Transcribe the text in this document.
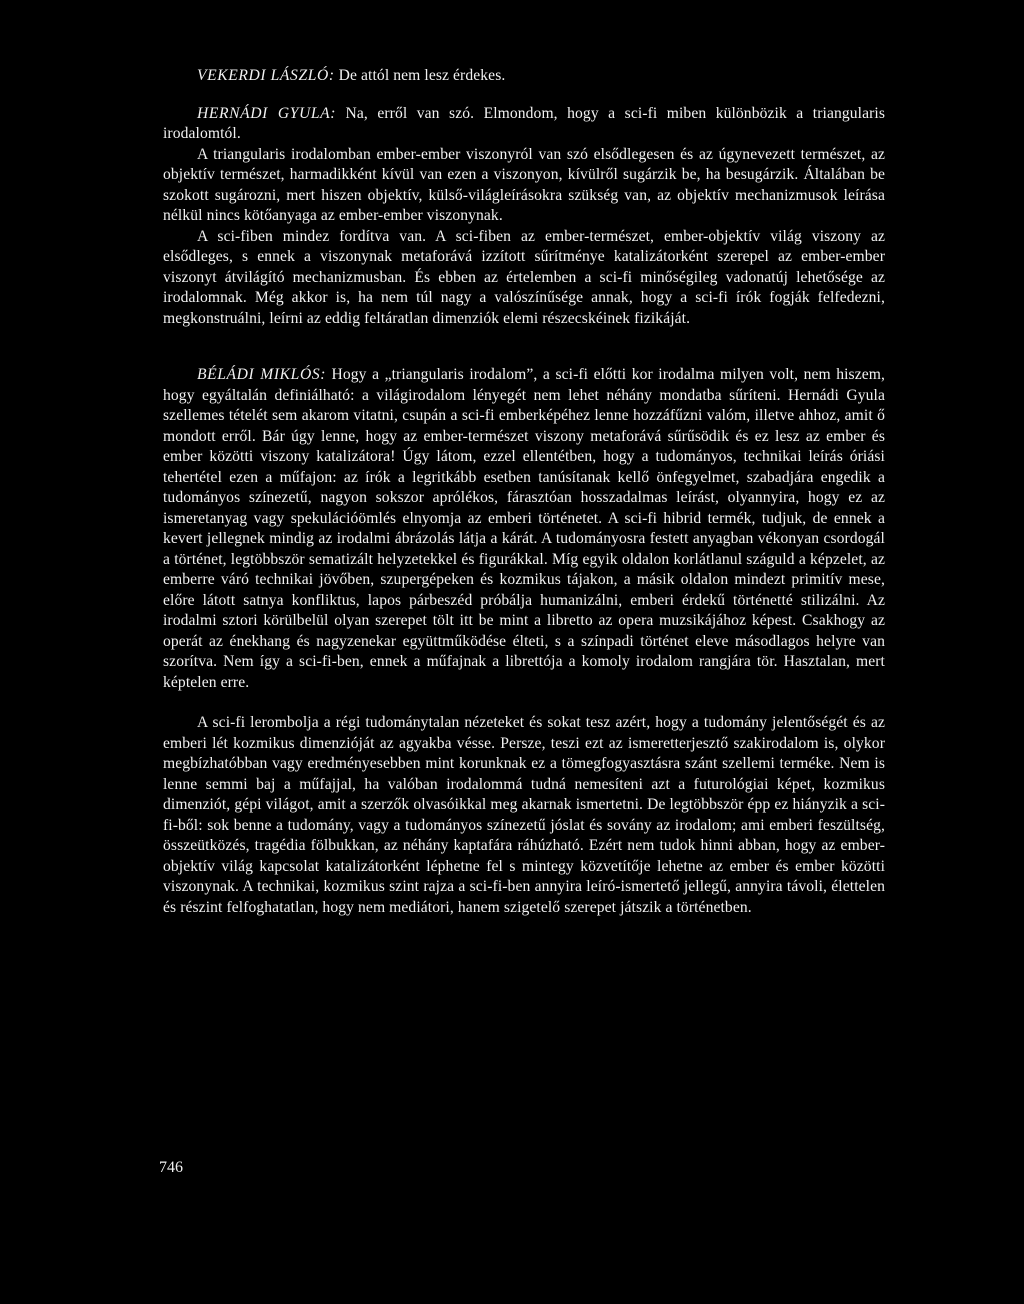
VEKERDI LÁSZLÓ: De attól nem lesz érdekes.

HERNÁDI GYULA: Na, erről van szó. Elmondom, hogy a sci-fi miben különbözik a triangularis irodalomtól.

A triangularis irodalomban ember-ember viszonyról van szó elsődlegesen és az úgynevezett természet, az objektív természet, harmadikként kívül van ezen a viszonyon, kívülről sugárzik be, ha besugárzik. Általában be szokott sugározni, mert hiszen objektív, külső-világleírásokra szükség van, az objektív mechanizmusok leírása nélkül nincs kötőanyaga az ember-ember viszonynak.

A sci-fiben mindez fordítva van. A sci-fiben az ember-természet, ember-objektív világ viszony az elsődleges, s ennek a viszonynak metaforává izzított sűrítménye katalizátorként szerepel az ember-ember viszonyt átvilágító mechanizmusban. És ebben az értelemben a sci-fi minőségileg vadonatúj lehetősége az irodalomnak. Még akkor is, ha nem túl nagy a valószínűsége annak, hogy a sci-fi írók fogják felfedezni, megkonstruálni, leírni az eddig feltáratlan dimenziók elemi részecskéinek fizikáját.

BÉLÁDI MIKLÓS: Hogy a „triangularis irodalom”, a sci-fi előtti kor irodalma milyen volt, nem hiszem, hogy egyáltalán definiálható: a világirodalom lényegét nem lehet néhány mondatba sűríteni. Hernádi Gyula szellemes tételét sem akarom vitatni, csupán a sci-fi emberképéhez lenne hozzáfűzni valóm, illetve ahhoz, amit ő mondott erről. Bár úgy lenne, hogy az ember-természet viszony metaforává sűrűsödik és ez lesz az ember és ember közötti viszony katalizátora! Úgy látom, ezzel ellentétben, hogy a tudományos, technikai leírás óriási tehertétel ezen a műfajon: az írók a legritkább esetben tanúsítanak kellő önfegyelmet, szabadjára engedik a tudományos színezetű, nagyon sokszor aprólékos, fárasztóan hosszadalmas leírást, olyannyira, hogy ez az ismeretanyag vagy spekulációömlés elnyomja az emberi történetet. A sci-fi hibrid termék, tudjuk, de ennek a kevert jellegnek mindig az irodalmi ábrázolás látja a kárát. A tudományosra festett anyagban vékonyan csordogál a történet, legtöbbször sematizált helyzetekkel és figurákkal. Míg egyik oldalon korlátlanul száguld a képzelet, az emberre váró technikai jövőben, szupergépeken és kozmikus tájakon, a másik oldalon mindezt primitív mese, előre látott satnya konfliktus, lapos párbeszéd próbálja humanizálni, emberi érdekű történetté stilizálni. Az irodalmi sztori körülbelül olyan szerepet tölt itt be mint a libretto az opera muzsikájához képest. Csakhogy az operát az énekhang és nagyzenekar együttműködése élteti, s a színpadi történet eleve másodlagos helyre van szorítva. Nem így a sci-fi-ben, ennek a műfajnak a librettója a komoly irodalom rangjára tör. Hasztalan, mert képtelen erre.

A sci-fi lerombolja a régi tudománytalan nézeteket és sokat tesz azért, hogy a tudomány jelentőségét és az emberi lét kozmikus dimenzióját az agyakba vésse. Persze, teszi ezt az ismeretterjesztő szakirodalom is, olykor megbízhatóbban vagy eredményesebben mint korunknak ez a tömegfogyasztásra szánt szellemi terméke. Nem is lenne semmi baj a műfajjal, ha valóban irodalommá tudná nemesíteni azt a futurológiai képet, kozmikus dimenziót, gépi világot, amit a szerzők olvasóikkal meg akarnak ismertetni. De legtöbbször épp ez hiányzik a sci-fi-ből: sok benne a tudomány, vagy a tudományos színezetű jóslat és sovány az irodalom; ami emberi feszültség, összeütközés, tragédia fölbukkan, az néhány kaptafára ráhúzható. Ezért nem tudok hinni abban, hogy az ember-objektív világ kapcsolat katalizátorként léphetne fel s mintegy közvetítője lehetne az ember és ember közötti viszonynak. A technikai, kozmikus szint rajza a sci-fi-ben annyira leíró-ismertető jellegű, annyira távoli, élettelen és részint felfoghatatlan, hogy nem mediátori, hanem szigetelő szerepet játszik a történetben.

746
